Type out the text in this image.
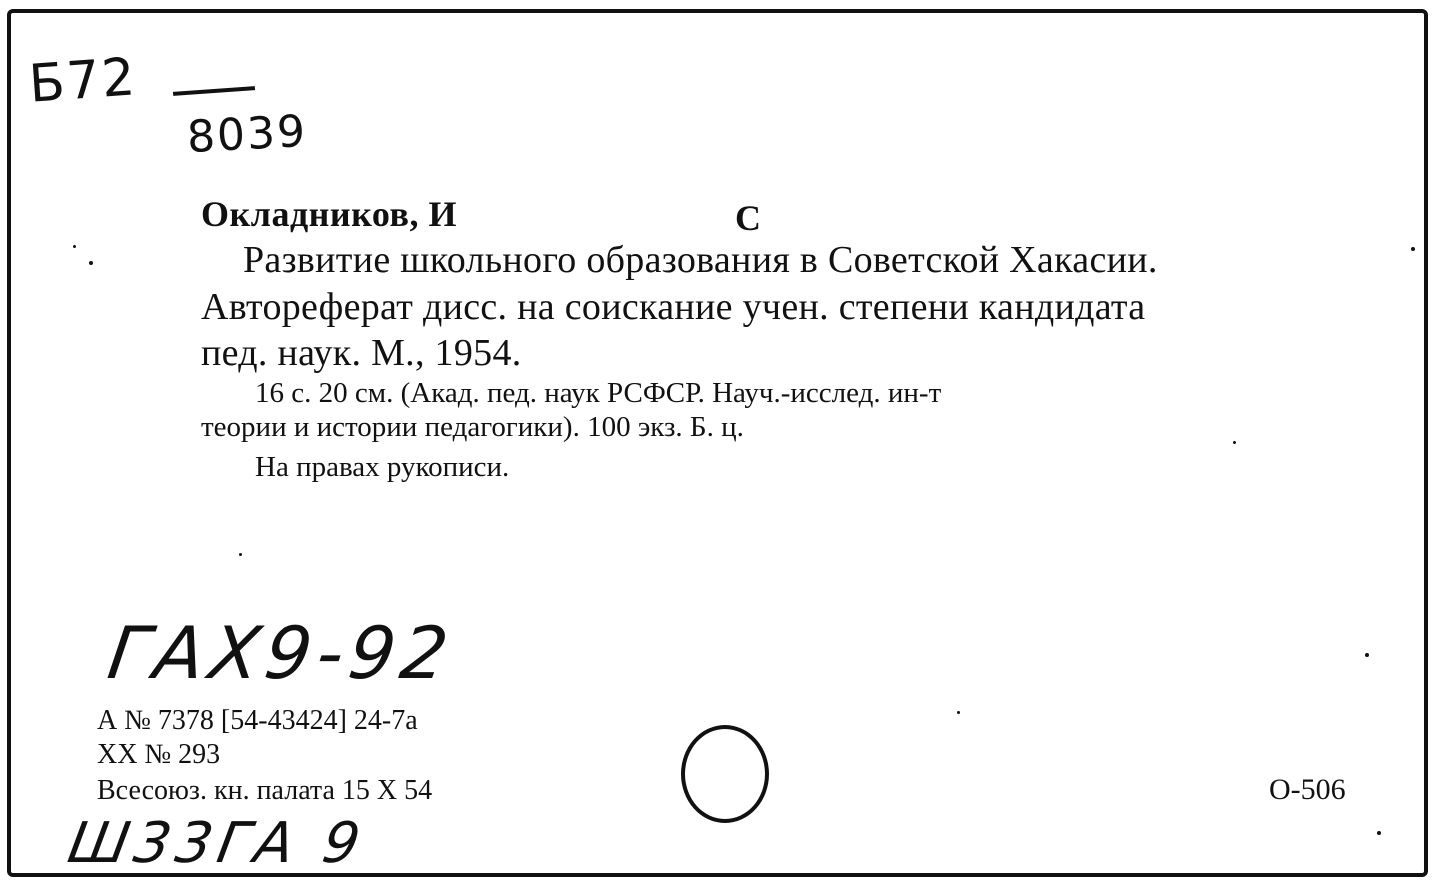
Б72
8039
Окладников, И	С
Развитие школьного образования в Советской Хакасии.
Автореферат дисс. на соискание учен. степени кандидата
пед. наук. М., 1954.
16 с. 20 см. (Акад. пед. наук РСФСР. Науч.-исслед. ин-т
теории и истории педагогики). 100 экз. Б. ц.
На правах рукописи.
ГАХ9-92
А № 7378 [54-43424] 24-7а
ХХ № 293
Всесоюз. кн. палата 15 Х 54
Ш33ГА 9
О-506
